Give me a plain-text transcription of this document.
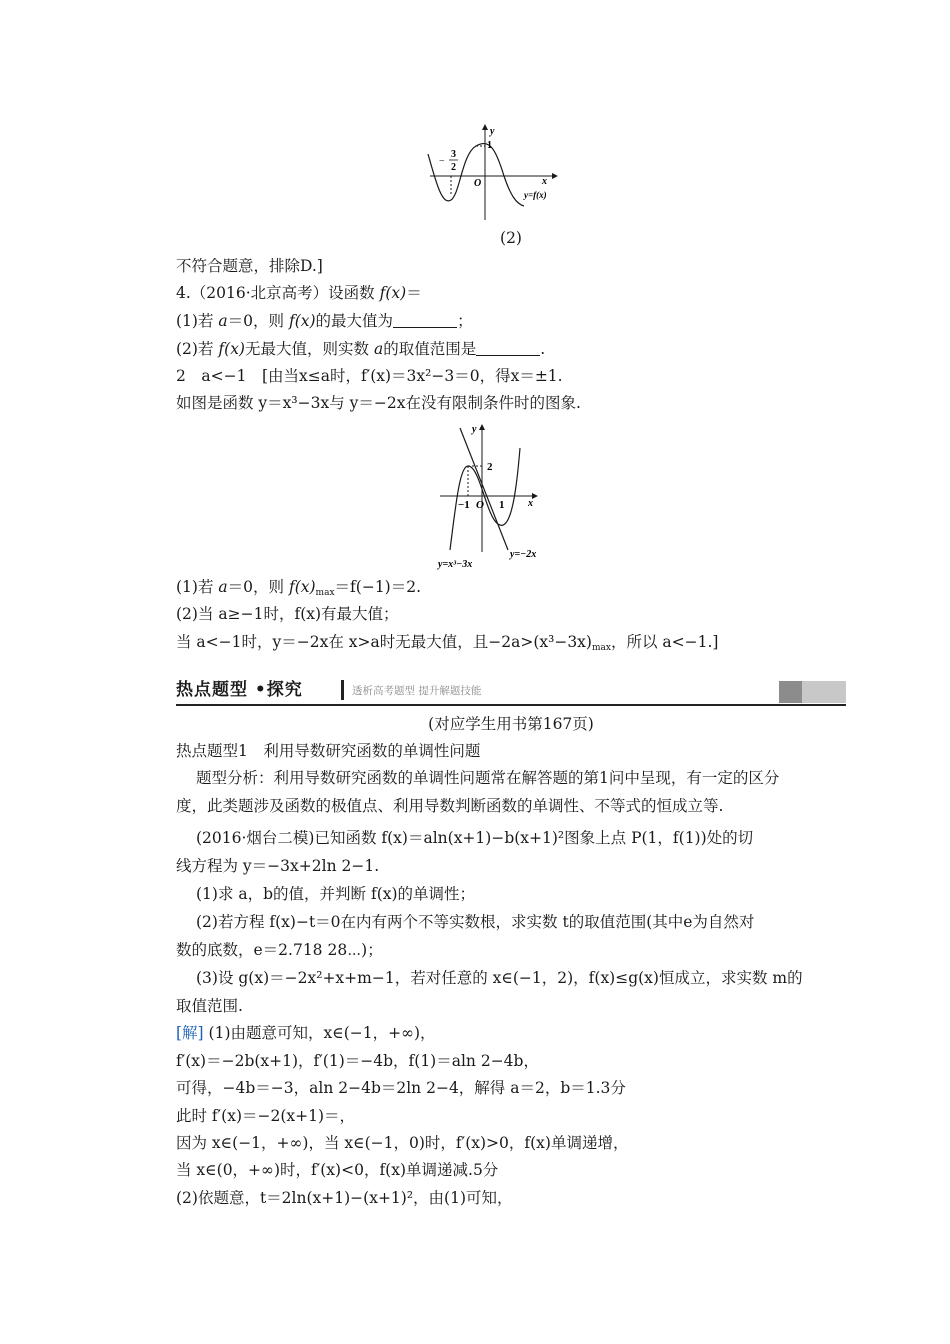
y
1
O	x
−
3
2
y=f(x)
(2)
不符合题意，排除D.]
4.（2016·北京高考）设函数 f(x)＝
(1)若 a＝0，则 f(x)的最大值为	；
(2)若 f(x)无最大值，则实数 a的取值范围是	.
2　a<−1　[由当x≤a时，f′(x)＝3x²−3＝0，得x＝±1.
如图是函数 y＝x³−3x与 y＝−2x在没有限制条件时的图象.
y
2
−1 O 1 x
y=−2x
y=x³−3x
(1)若 a＝0，则 $f(x)_{max}=f(-1)=2$.
(2)当 a≥−1时，f(x)有最大值；
当 a<−1时，y＝−2x在 x>a时无最大值，且$-2a>(x^3-3x)_{max}$，所以 a<−1.]
热点题型 •探究	透析高考题型 提升解题技能
(对应学生用书第167页)
热点题型1　利用导数研究函数的单调性问题
题型分析：利用导数研究函数的单调性问题常在解答题的第1问中呈现，有一定的区分
度，此类题涉及函数的极值点、利用导数判断函数的单调性、不等式的恒成立等.
(2016·烟台二模)已知函数 f(x)＝aln(x+1)−b(x+1)²图象上点 P(1，f(1))处的切
线方程为 y＝−3x+2ln 2−1.
(1)求 a，b的值，并判断 f(x)的单调性；
(2)若方程 f(x)−t＝0在内有两个不等实数根，求实数 t的取值范围(其中e为自然对
数的底数，e＝2.718 28⋯)；
(3)设 g(x)＝−2x²+x+m−1，若对任意的 x∈(−1，2)，f(x)≤g(x)恒成立，求实数 m的
取值范围.
[解] (1)由题意可知，x∈(−1，+∞)，
f′(x)＝−2b(x+1)，f′(1)＝−4b，f(1)＝aln 2−4b，
可得，−4b＝−3，aln 2−4b＝2ln 2−4，解得 a＝2，b＝1.3分
此时 f′(x)＝−2(x+1)＝，
因为 x∈(−1，+∞)，当 x∈(−1，0)时，f′(x)>0，f(x)单调递增，
当 x∈(0，+∞)时，f′(x)<0，f(x)单调递减.5分
(2)依题意，t＝2ln(x+1)−(x+1)²，由(1)可知，
